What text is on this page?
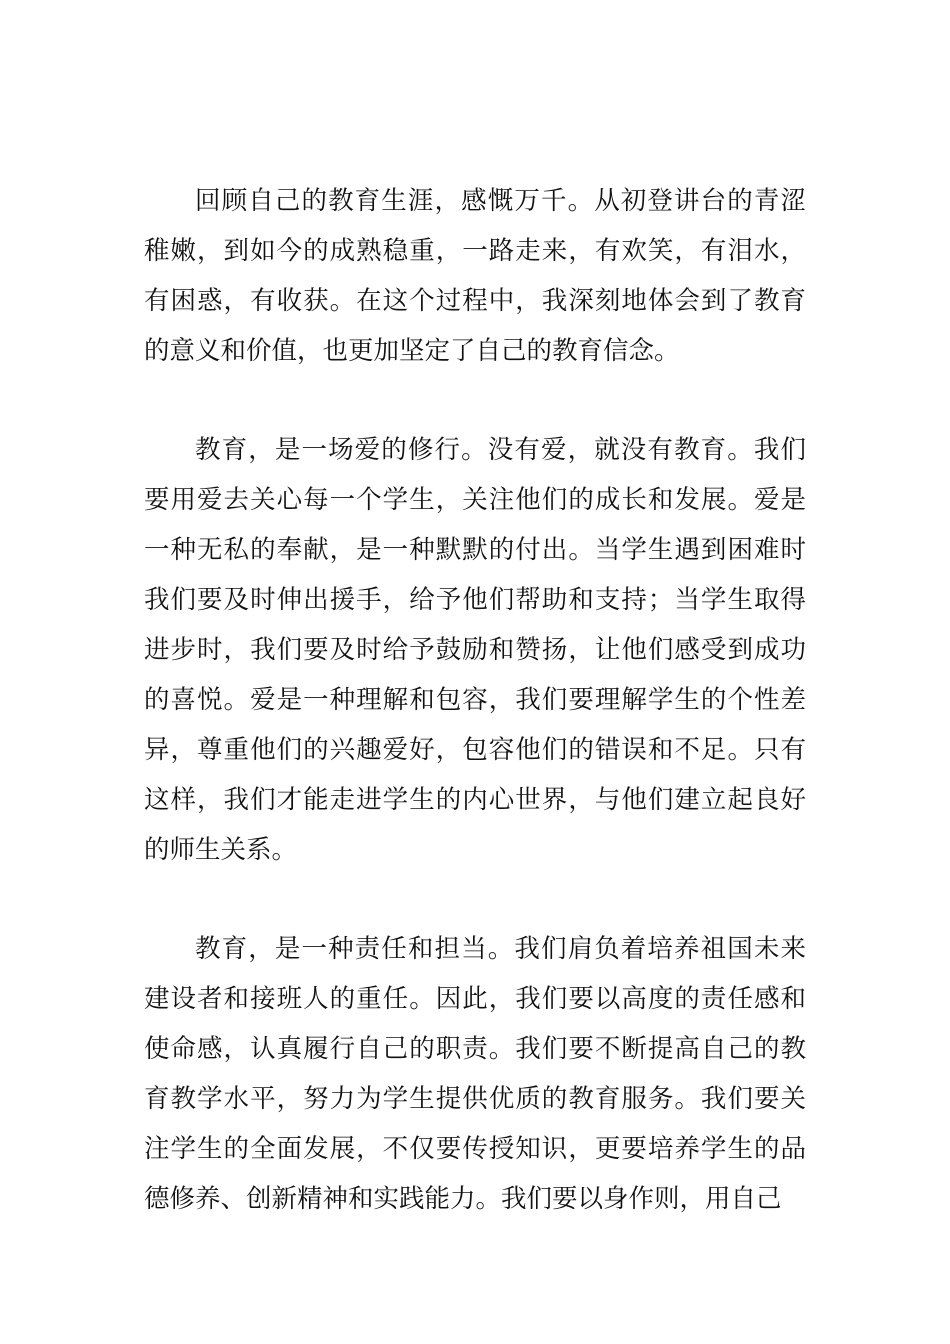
回顾自己的教育生涯，感慨万千。从初登讲台的青涩稚嫩，到如今的成熟稳重，一路走来，有欢笑，有泪水，有困惑，有收获。在这个过程中，我深刻地体会到了教育的意义和价值，也更加坚定了自己的教育信念。

教育，是一场爱的修行。没有爱，就没有教育。我们要用爱去关心每一个学生，关注他们的成长和发展。爱是一种无私的奉献，是一种默默的付出。当学生遇到困难时我们要及时伸出援手，给予他们帮助和支持；当学生取得进步时，我们要及时给予鼓励和赞扬，让他们感受到成功的喜悦。爱是一种理解和包容，我们要理解学生的个性差异，尊重他们的兴趣爱好，包容他们的错误和不足。只有这样，我们才能走进学生的内心世界，与他们建立起良好的师生关系。

教育，是一种责任和担当。我们肩负着培养祖国未来建设者和接班人的重任。因此，我们要以高度的责任感和使命感，认真履行自己的职责。我们要不断提高自己的教育教学水平，努力为学生提供优质的教育服务。我们要关注学生的全面发展，不仅要传授知识，更要培养学生的品德修养、创新精神和实践能力。我们要以身作则，用自己
